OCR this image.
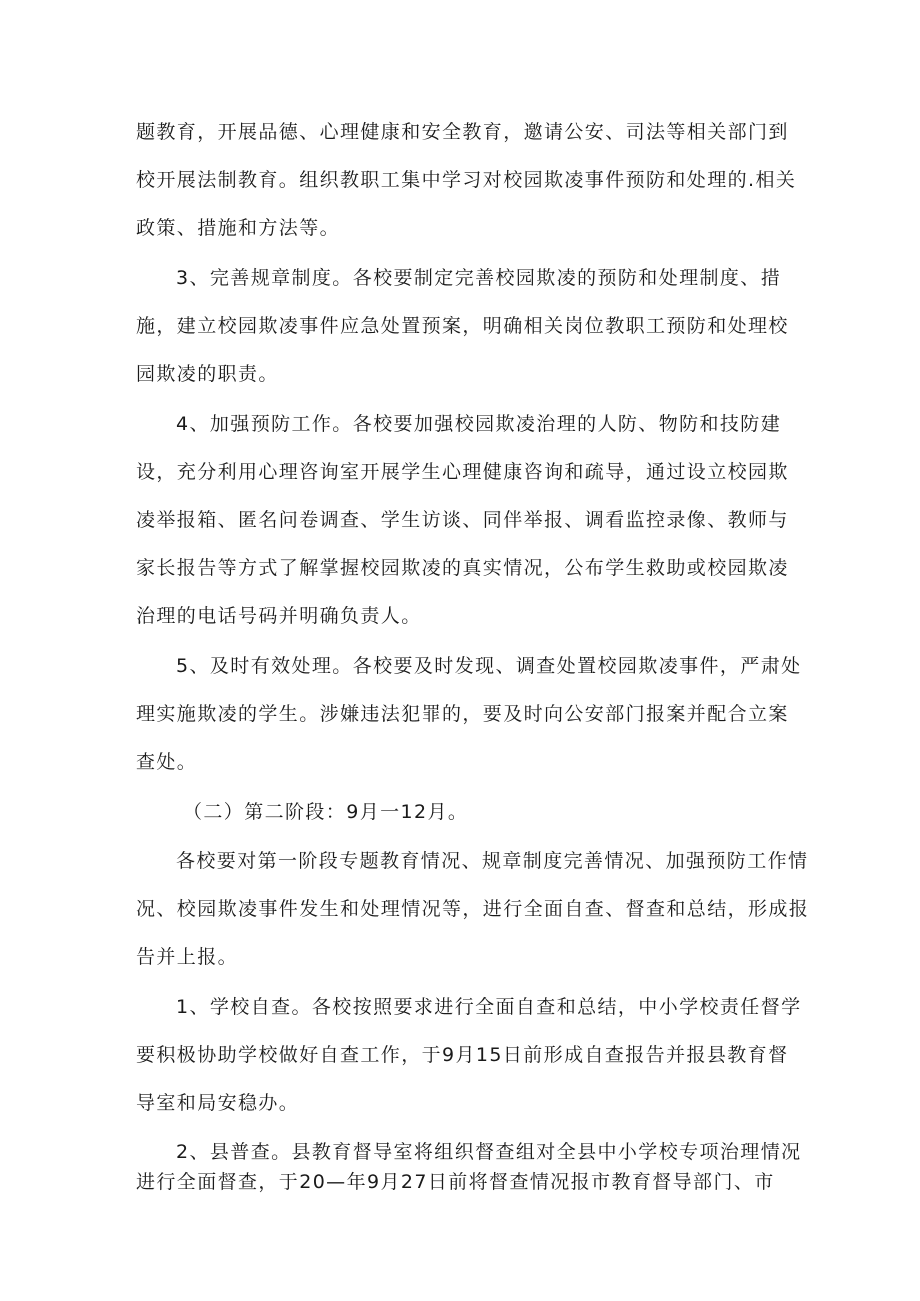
题教育，开展品德、心理健康和安全教育，邀请公安、司法等相关部门到
校开展法制教育。组织教职工集中学习对校园欺凌事件预防和处理的.相关
政策、措施和方法等。
3、完善规章制度。各校要制定完善校园欺凌的预防和处理制度、措
施，建立校园欺凌事件应急处置预案，明确相关岗位教职工预防和处理校
园欺凌的职责。
4、加强预防工作。各校要加强校园欺凌治理的人防、物防和技防建
设，充分利用心理咨询室开展学生心理健康咨询和疏导，通过设立校园欺
凌举报箱、匿名问卷调查、学生访谈、同伴举报、调看监控录像、教师与
家长报告等方式了解掌握校园欺凌的真实情况，公布学生救助或校园欺凌
治理的电话号码并明确负责人。
5、及时有效处理。各校要及时发现、调查处置校园欺凌事件，严肃处
理实施欺凌的学生。涉嫌违法犯罪的，要及时向公安部门报案并配合立案
查处。
（二）第二阶段：9月一12月。
各校要对第一阶段专题教育情况、规章制度完善情况、加强预防工作情
况、校园欺凌事件发生和处理情况等，进行全面自查、督查和总结，形成报
告并上报。
1、学校自查。各校按照要求进行全面自查和总结，中小学校责任督学
要积极协助学校做好自查工作，于9月15日前形成自查报告并报县教育督
导室和局安稳办。
2、县普查。县教育督导室将组织督查组对全县中小学校专项治理情况
进行全面督查，于20—年9月27日前将督查情况报市教育督导部门、市
